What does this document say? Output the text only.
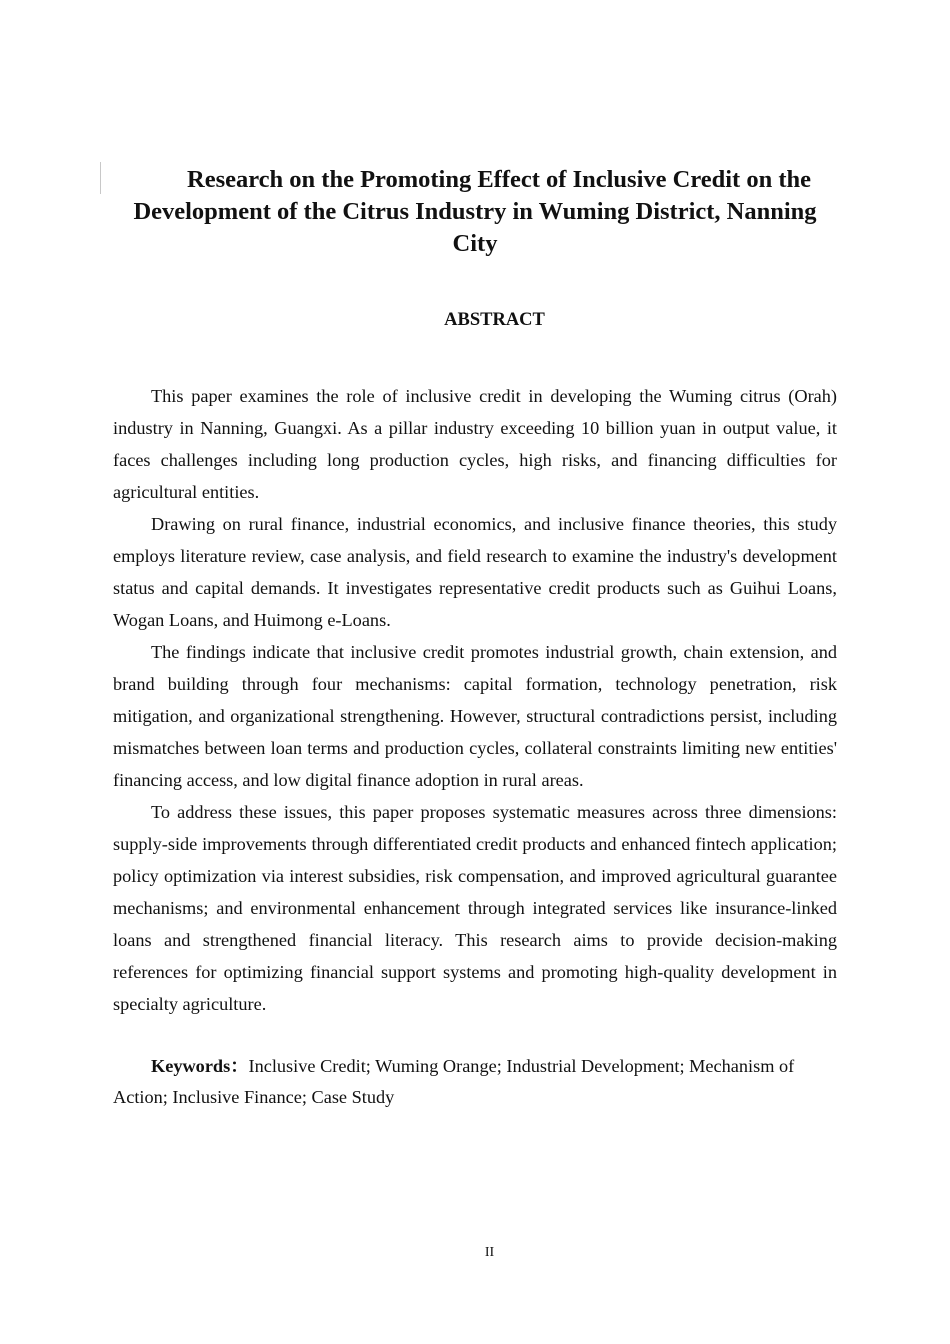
Research on the Promoting Effect of Inclusive Credit on the Development of the Citrus Industry in Wuming District, Nanning City
ABSTRACT

This paper examines the role of inclusive credit in developing the Wuming citrus (Orah) industry in Nanning, Guangxi. As a pillar industry exceeding 10 billion yuan in output value, it faces challenges including long production cycles, high risks, and financing difficulties for agricultural entities.

Drawing on rural finance, industrial economics, and inclusive finance theories, this study employs literature review, case analysis, and field research to examine the industry's development status and capital demands. It investigates representative credit products such as Guihui Loans, Wogan Loans, and Huimong e-Loans.

The findings indicate that inclusive credit promotes industrial growth, chain extension, and brand building through four mechanisms: capital formation, technology penetration, risk mitigation, and organizational strengthening. However, structural contradictions persist, including mismatches between loan terms and production cycles, collateral constraints limiting new entities' financing access, and low digital finance adoption in rural areas.

To address these issues, this paper proposes systematic measures across three dimensions: supply-side improvements through differentiated credit products and enhanced fintech application; policy optimization via interest subsidies, risk compensation, and improved agricultural guarantee mechanisms; and environmental enhancement through integrated services like insurance-linked loans and strengthened financial literacy. This research aims to provide decision-making references for optimizing financial support systems and promoting high-quality development in specialty agriculture.

Keywords：Inclusive Credit; Wuming Orange; Industrial Development; Mechanism of Action; Inclusive Finance; Case Study

II
